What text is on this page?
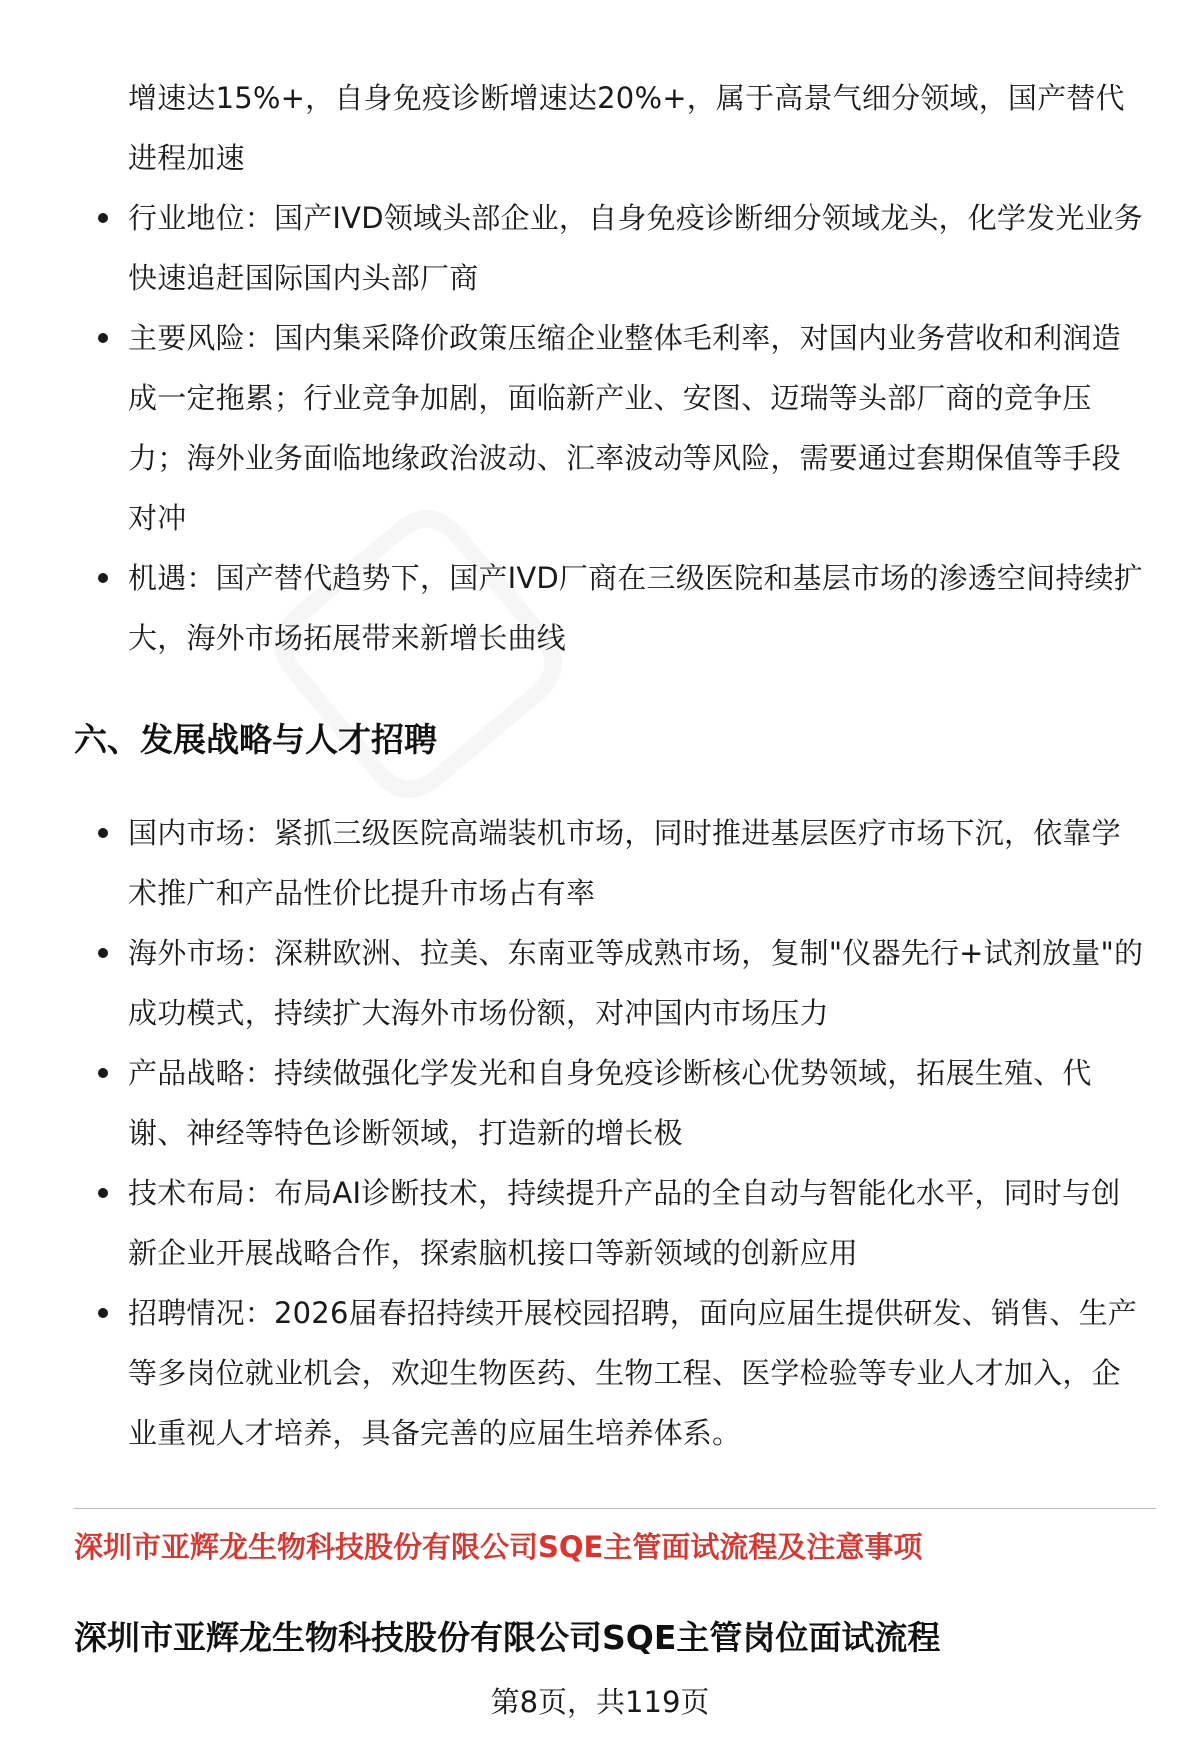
增速达15%+，自身免疫诊断增速达20%+，属于高景气细分领域，国产替代进程加速
行业地位：国产IVD领域头部企业，自身免疫诊断细分领域龙头，化学发光业务快速追赶国际国内头部厂商
主要风险：国内集采降价政策压缩企业整体毛利率，对国内业务营收和利润造成一定拖累；行业竞争加剧，面临新产业、安图、迈瑞等头部厂商的竞争压力；海外业务面临地缘政治波动、汇率波动等风险，需要通过套期保值等手段对冲
机遇：国产替代趋势下，国产IVD厂商在三级医院和基层市场的渗透空间持续扩大，海外市场拓展带来新增长曲线
六、发展战略与人才招聘
国内市场：紧抓三级医院高端装机市场，同时推进基层医疗市场下沉，依靠学术推广和产品性价比提升市场占有率
海外市场：深耕欧洲、拉美、东南亚等成熟市场，复制"仪器先行+试剂放量"的成功模式，持续扩大海外市场份额，对冲国内市场压力
产品战略：持续做强化学发光和自身免疫诊断核心优势领域，拓展生殖、代谢、神经等特色诊断领域，打造新的增长极
技术布局：布局AI诊断技术，持续提升产品的全自动与智能化水平，同时与创新企业开展战略合作，探索脑机接口等新领域的创新应用
招聘情况：2026届春招持续开展校园招聘，面向应届生提供研发、销售、生产等多岗位就业机会，欢迎生物医药、生物工程、医学检验等专业人才加入，企业重视人才培养，具备完善的应届生培养体系。
深圳市亚辉龙生物科技股份有限公司SQE主管面试流程及注意事项
深圳市亚辉龙生物科技股份有限公司SQE主管岗位面试流程
第8页，共119页
